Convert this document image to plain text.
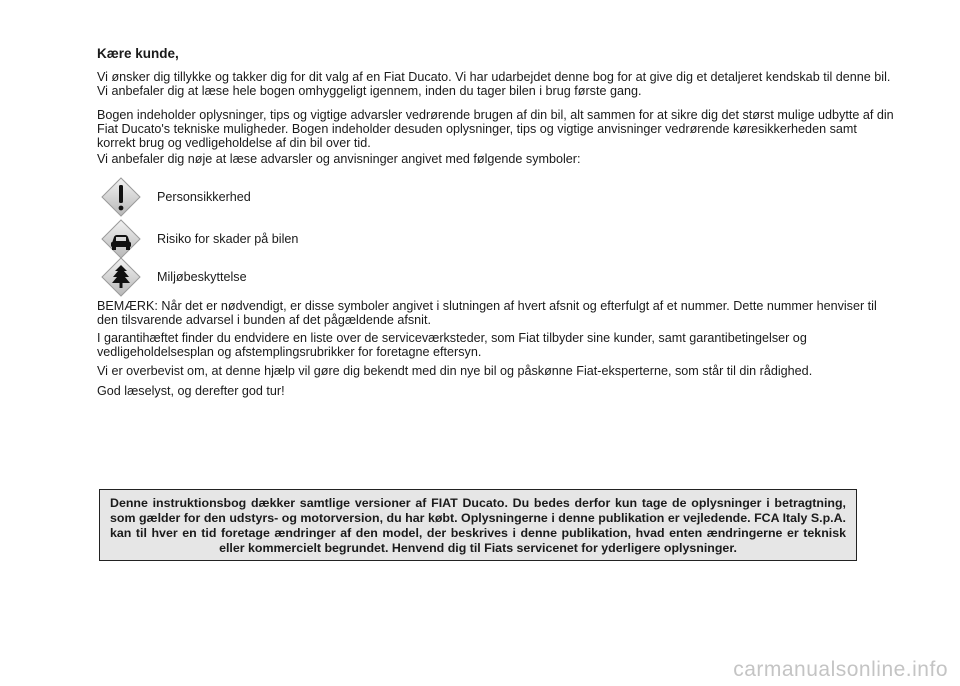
Kære kunde,
Vi ønsker dig tillykke og takker dig for dit valg af en Fiat Ducato. Vi har udarbejdet denne bog for at give dig et detaljeret kendskab til denne bil. Vi anbefaler dig at læse hele bogen omhyggeligt igennem, inden du tager bilen i brug første gang.
Bogen indeholder oplysninger, tips og vigtige advarsler vedrørende brugen af din bil, alt sammen for at sikre dig det størst mulige udbytte af din Fiat Ducato's tekniske muligheder. Bogen indeholder desuden oplysninger, tips og vigtige anvisninger vedrørende køresikkerheden samt korrekt brug og vedligeholdelse af din bil over tid.
Vi anbefaler dig nøje at læse advarsler og anvisninger angivet med følgende symboler:
Personsikkerhed
Risiko for skader på bilen
Miljøbeskyttelse
BEMÆRK: Når det er nødvendigt, er disse symboler angivet i slutningen af hvert afsnit og efterfulgt af et nummer. Dette nummer henviser til den tilsvarende advarsel i bunden af det pågældende afsnit.
I garantihæftet finder du endvidere en liste over de serviceværksteder, som Fiat tilbyder sine kunder, samt garantibetingelser og vedligeholdelsesplan og afstemplingsrubrikker for foretagne eftersyn.
Vi er overbevist om, at denne hjælp vil gøre dig bekendt med din nye bil og påskønne Fiat-eksperterne, som står til din rådighed.
God læselyst, og derefter god tur!
Denne instruktionsbog dækker samtlige versioner af FIAT Ducato. Du bedes derfor kun tage de oplysninger i betragtning, som gælder for den udstyrs- og motorversion, du har købt. Oplysningerne i denne publikation er vejledende. FCA Italy S.p.A. kan til hver en tid foretage ændringer af den model, der beskrives i denne publikation, hvad enten ændringerne er teknisk eller kommercielt begrundet. Henvend dig til Fiats servicenet for yderligere oplysninger.
carmanualsonline.info
